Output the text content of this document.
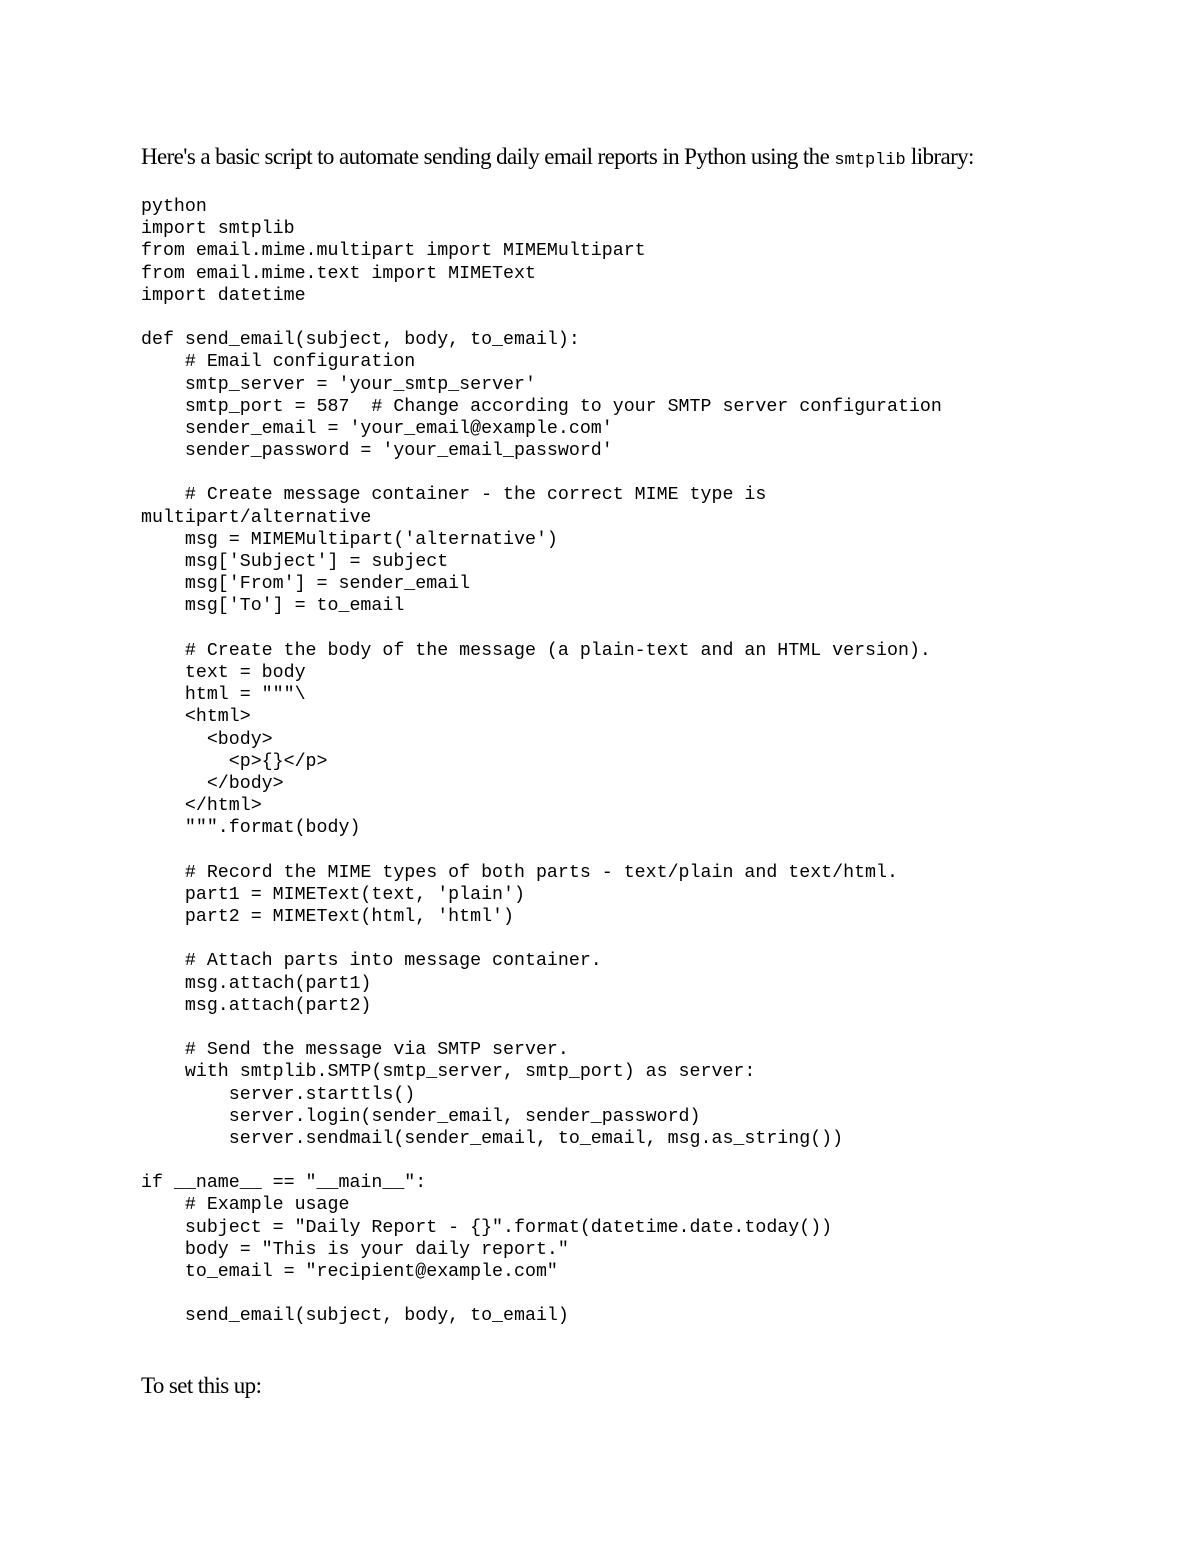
Here's a basic script to automate sending daily email reports in Python using the smtplib library:
python
import smtplib
from email.mime.multipart import MIMEMultipart
from email.mime.text import MIMEText
import datetime

def send_email(subject, body, to_email):
# Email configuration
smtp_server = 'your_smtp_server'
smtp_port = 587  # Change according to your SMTP server configuration
sender_email = 'your_email@example.com'
sender_password = 'your_email_password'

# Create message container - the correct MIME type is
multipart/alternative
msg = MIMEMultipart('alternative')
msg['Subject'] = subject
msg['From'] = sender_email
msg['To'] = to_email

# Create the body of the message (a plain-text and an HTML version).
text = body
html = """\
<html>
<body>
<p>{}</p>
</body>
</html>
""".format(body)

# Record the MIME types of both parts - text/plain and text/html.
part1 = MIMEText(text, 'plain')
part2 = MIMEText(html, 'html')

# Attach parts into message container.
msg.attach(part1)
msg.attach(part2)

# Send the message via SMTP server.
with smtplib.SMTP(smtp_server, smtp_port) as server:
server.starttls()
server.login(sender_email, sender_password)
server.sendmail(sender_email, to_email, msg.as_string())

if __name__ == "__main__":
# Example usage
subject = "Daily Report - {}".format(datetime.date.today())
body = "This is your daily report."
to_email = "recipient@example.com"

send_email(subject, body, to_email)
To set this up:
